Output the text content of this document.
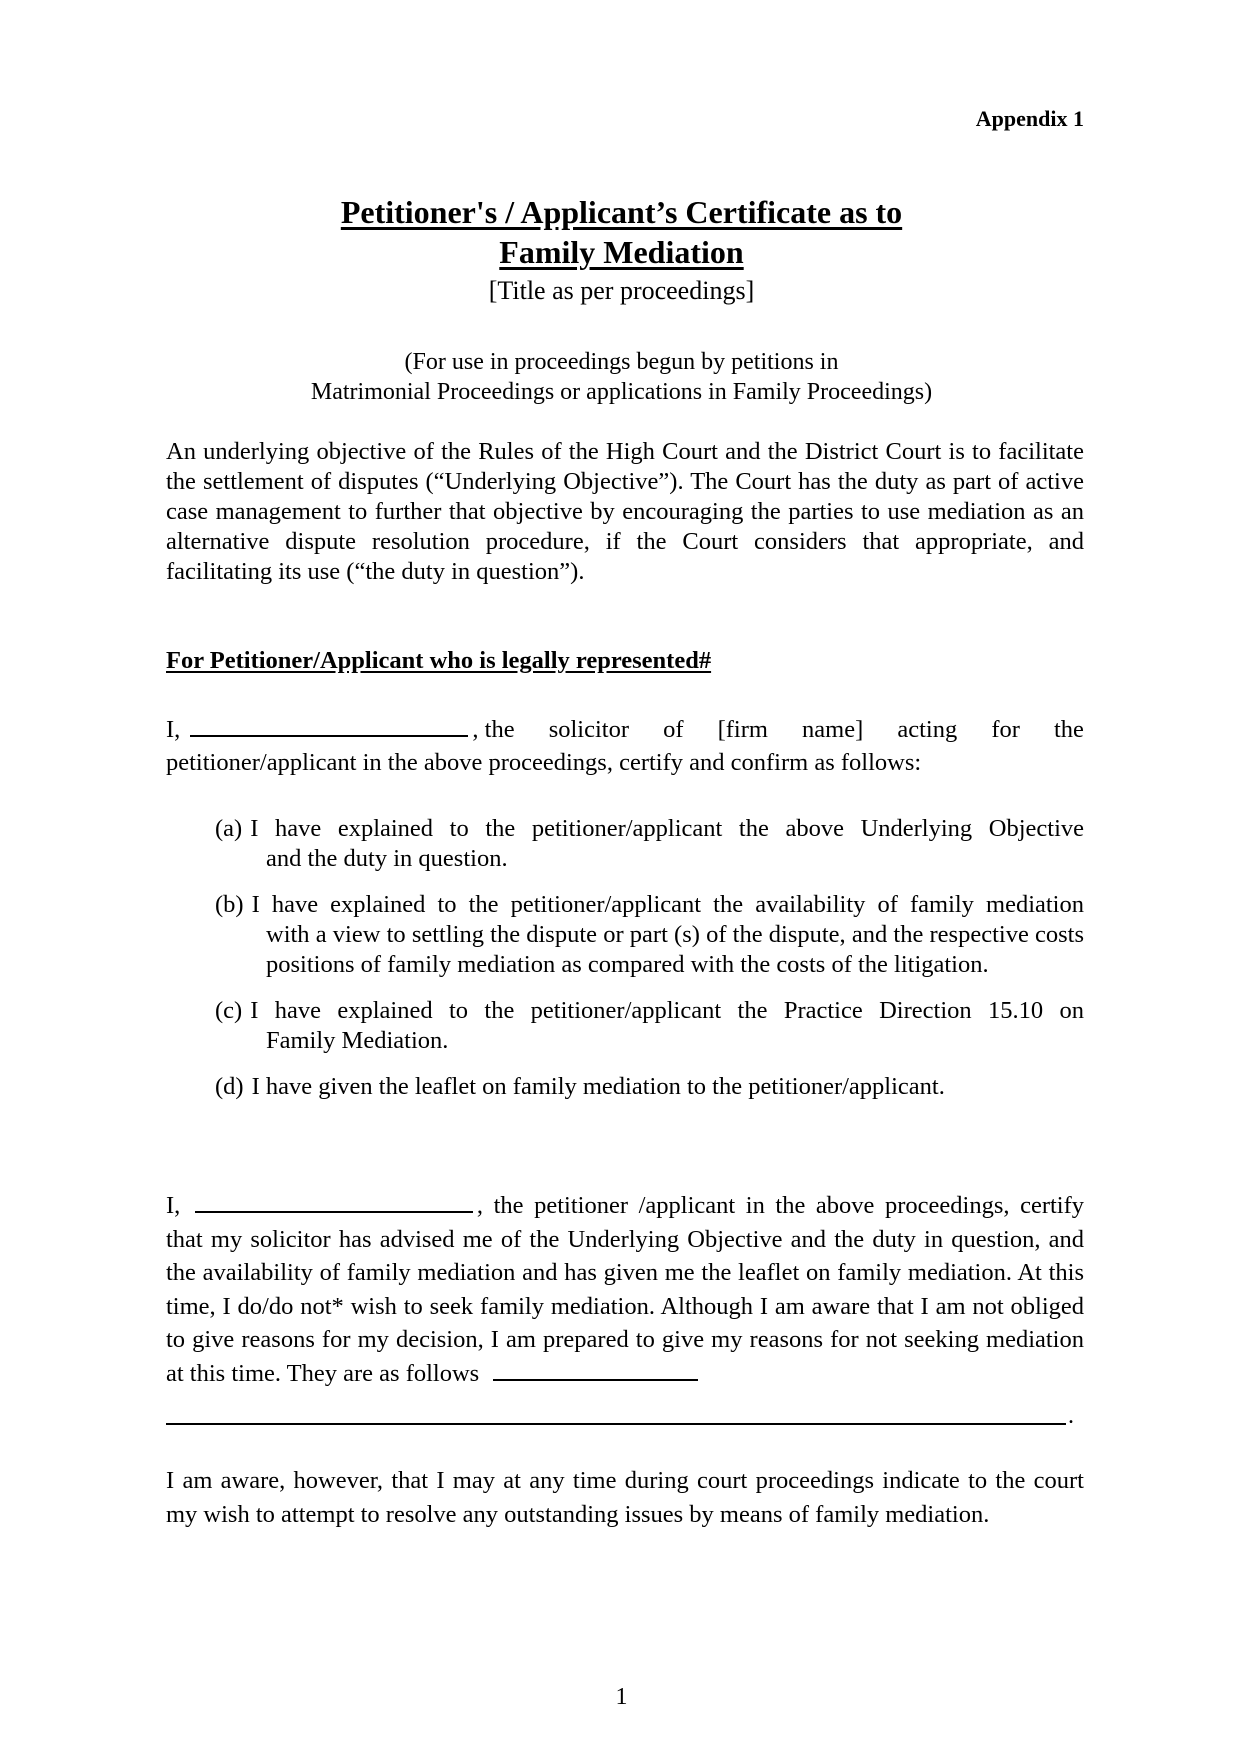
Appendix 1
Petitioner's / Applicant’s Certificate as to
Family Mediation
[Title as per proceedings]
(For use in proceedings begun by petitions in
Matrimonial Proceedings or applications in Family Proceedings)
An underlying objective of the Rules of the High Court and the District Court is to facilitate the settlement of disputes (“Underlying Objective”). The Court has the duty as part of active case management to further that objective by encouraging the parties to use mediation as an alternative dispute resolution procedure, if the Court considers that appropriate, and facilitating its use (“the duty in question”).
For Petitioner/Applicant who is legally represented#
I,	, the solicitor of [firm name] acting for the
petitioner/applicant in the above proceedings, certify and confirm as follows:
(a) I have explained to the petitioner/applicant the above Underlying Objective
and the duty in question.
(b) I have explained to the petitioner/applicant the availability of family mediation
with a view to settling the dispute or part (s) of the dispute, and the respective costs positions of family mediation as compared with the costs of the litigation.
(c) I have explained to the petitioner/applicant the Practice Direction 15.10 on
Family Mediation.
(d) I have given the leaflet on family mediation to the petitioner/applicant.
I,	, the petitioner /applicant in the above proceedings, certify that my solicitor has advised me of the Underlying Objective and the duty in question, and the availability of family mediation and has given me the leaflet on family mediation. At this time, I do/do not* wish to seek family mediation. Although I am aware that I am not obliged to give reasons for my decision, I am prepared to give my reasons for not seeking mediation at this time. They are as follows
.
I am aware, however, that I may at any time during court proceedings indicate to the court my wish to attempt to resolve any outstanding issues by means of family mediation.
1
